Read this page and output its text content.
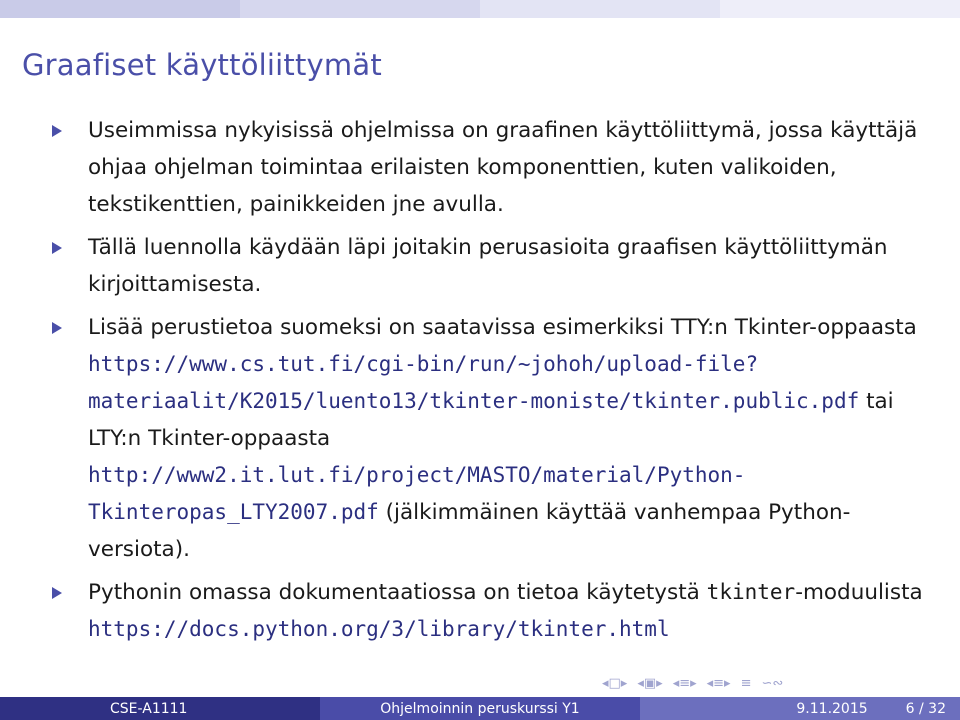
Graafiset käyttöliittymät
Useimmissa nykyisissä ohjelmissa on graafinen käyttöliittymä, jossa käyttäjä ohjaa ohjelman toimintaa erilaisten komponenttien, kuten valikoiden, tekstikenttien, painikkeiden jne avulla.
Tällä luennolla käydään läpi joitakin perusasioita graafisen käyttöliittymän kirjoittamisesta.
Lisää perustietoa suomeksi on saatavissa esimerkiksi TTY:n Tkinter-oppaasta https://www.cs.tut.fi/cgi-bin/run/~johoh/upload-file?materiaalit/K2015/luento13/tkinter-moniste/tkinter.public.pdf tai LTY:n Tkinter-oppaasta http://www2.it.lut.fi/project/MASTO/material/Python-Tkinteropas_LTY2007.pdf (jälkimmäinen käyttää vanhempaa Python-versiota).
Pythonin omassa dokumentaatiossa on tietoa käytetystä tkinter-moduulista https://docs.python.org/3/library/tkinter.html
◂□▸ ◂▣▸ ◂≡▸ ◂≡▸ ≡ ∽∾
CSE-A1111	Ohjelmoinnin peruskurssi Y1	9.11.2015	6 / 32
